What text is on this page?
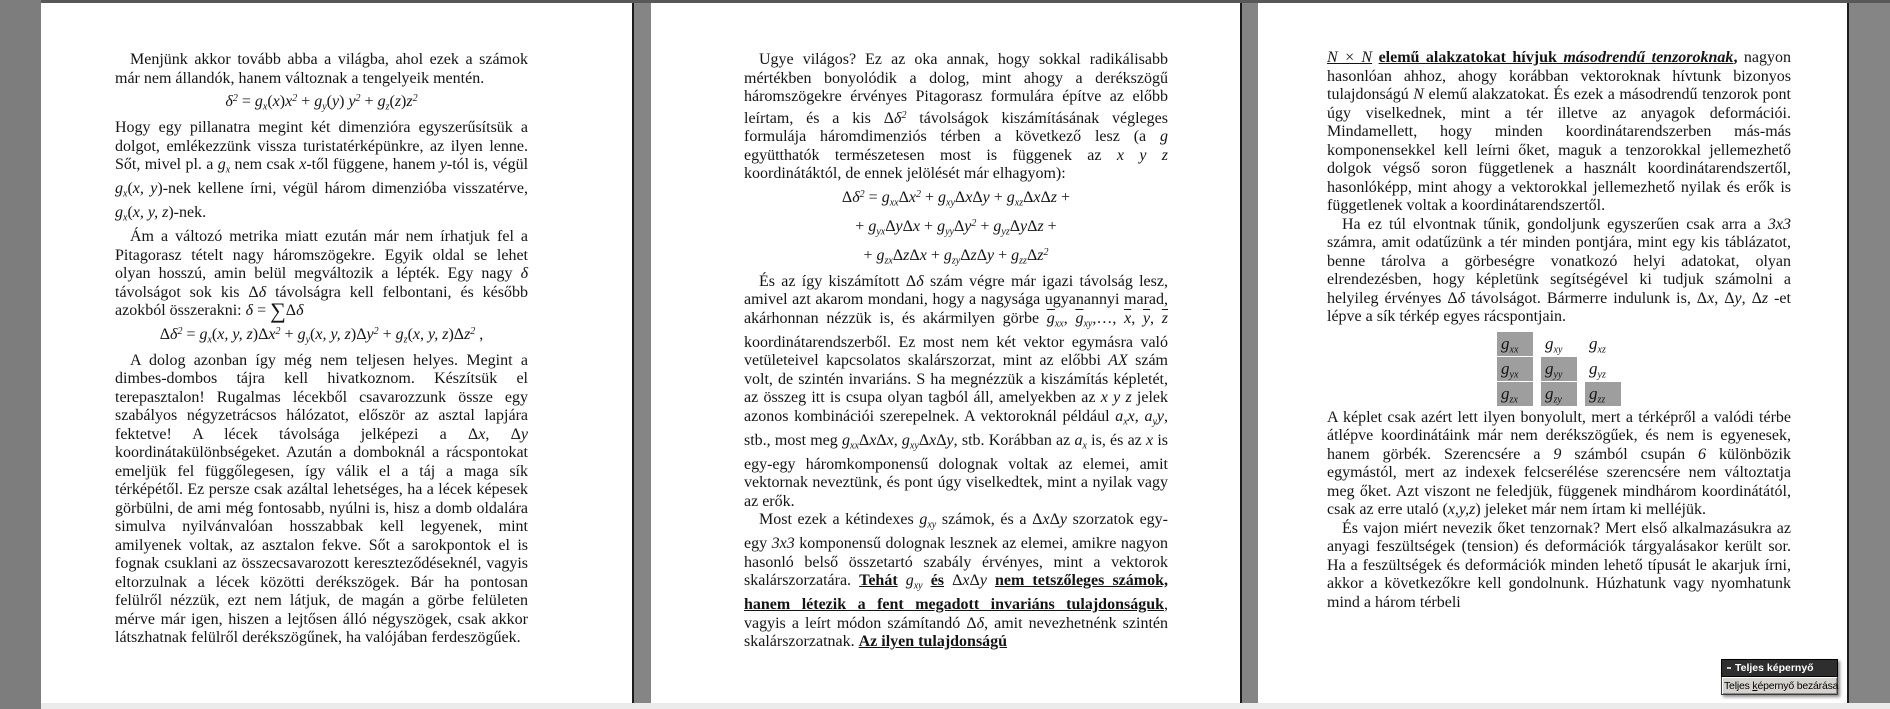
Menjünk akkor tovább abba a világba, ahol ezek a számok már nem állandók, hanem változnak a tengelyeik mentén.
$\delta^2 = g_x(x)x^2 + g_y(y) y^2 + g_z(z)z^2$
Hogy egy pillanatra megint két dimenzióra egyszerűsítsük a dolgot, emlékezzünk vissza turistatérképünkre, az ilyen lenne. Sőt, mivel pl. a $g_x$ nem csak x-től függene, hanem y-tól is, végül $g_x(x$, y)-nek kellene írni, végül három dimenzióba visszatérve, $g_x(x$, y, z)-nek.
Ám a változó metrika miatt ezután már nem írhatjuk fel a Pitagorasz tételt nagy háromszögekre. Egyik oldal se lehet olyan hosszú, amin belül megváltozik a lépték. Egy nagy δ távolságot sok kis Δδ távolságra kell felbontani, és később azokból összerakni: δ = ∑Δδ
$\Delta\delta^2 = g_x(x$, y, $z)\Delta x^2 + g_y(x$, y, $z)\Delta y^2 + g_z(x$, y, $z)\Delta z^2$ ,
A dolog azonban így még nem teljesen helyes. Megint a dimbes-dombos tájra kell hivatkoznom. Készítsük el terepasztalon! Rugalmas lécekből csavarozzunk össze egy szabályos négyzetrácsos hálózatot, először az asztal lapjára fektetve! A lécek távolsága jelképezi a Δx, Δy koordinátakülönbségeket. Azután a domboknál a rácspontokat emeljük fel függőlegesen, így válik el a táj a maga sík térképétől. Ez persze csak azáltal lehetséges, ha a lécek képesek görbülni, de ami még fontosabb, nyúlni is, hisz a domb oldalára simulva nyilvánvalóan hosszabbak kell legyenek, mint amilyenek voltak, az asztalon fekve. Sőt a sarokpontok el is fognak csuklani az összecsavarozott kereszteződéseknél, vagyis eltorzulnak a lécek közötti derékszögek. Bár ha pontosan felülről nézzük, ezt nem látjuk, de magán a görbe felületen mérve már igen, hiszen a lejtősen álló négyszögek, csak akkor látszhatnak felülről derékszögűnek, ha valójában ferdeszögűek.
Ugye világos? Ez az oka annak, hogy sokkal radikálisabb mértékben bonyolódik a dolog, mint ahogy a derékszögű háromszögekre érvényes Pitagorasz formulára építve az előbb leírtam, és a kis $\Delta\delta^2$ távolságok kiszámításának végleges formulája háromdimenziós térben a következő lesz (a g együtthatók természetesen most is függenek az x y z koordinátáktól, de ennek jelölését már elhagyom):
$\Delta\delta^2 = g_{xx}\Delta x^2 + g_{xy}\Delta x\Delta y + g_{xz}\Delta x\Delta z$ +
+ $g_{yx}\Delta y\Delta x + g_{yy}\Delta y^2 + g_{yz}\Delta y\Delta z$ +
+ $g_{zx}\Delta z\Delta x + g_{zy}\Delta z\Delta y + g_{zz}\Delta z^2$
És az így kiszámított Δδ szám végre már igazi távolság lesz, amivel azt akarom mondani, hogy a nagysága ugyanannyi marad, akárhonnan nézzük is, és akármilyen görbe $\overline{g}_{xx}$, $\overline{g}_{xy},\dots$, $\overline{x}$, $\overline{y}$, $\overline{z}$ koordinátarendszerből. Ez most nem két vektor egymásra való vetületeivel kapcsolatos skalárszorzat, mint az előbbi AX szám volt, de szintén invariáns. S ha megnézzük a kiszámítás képletét, az összeg itt is csupa olyan tagból áll, amelyekben az x y z jelek azonos kombinációi szerepelnek. A vektoroknál például $a_xx$, $a_yy$, stb., most meg $g_{xx}\Delta x\Delta x$, $g_{xy}\Delta x\Delta y$, stb. Korábban az $a_x$ is, és az x is egy-egy háromkomponensű dolognak voltak az elemei, amit vektornak neveztünk, és pont úgy viselkedtek, mint a nyilak vagy az erők.
Most ezek a kétindexes $g_{xy}$ számok, és a ΔxΔy szorzatok egy-egy 3x3 komponensű dolognak lesznek az elemei, amikre nagyon hasonló belső összetartó szabály érvényes, mint a vektorok skalárszorzatára. Tehát $g_{xy}$ és ΔxΔy nem tetszőleges számok, hanem létezik a fent megadott invariáns tulajdonságuk, vagyis a leírt módon számítandó Δδ, amit nevezhetnénk szintén skalárszorzatnak. Az ilyen tulajdonságú
N × N elemű alakzatokat hívjuk másodrendű tenzoroknak, nagyon hasonlóan ahhoz, ahogy korábban vektoroknak hívtunk bizonyos tulajdonságú N elemű alakzatokat. És ezek a másodrendű tenzorok pont úgy viselkednek, mint a tér illetve az anyagok deformációi. Mindamellett, hogy minden koordinátarendszerben más-más komponensekkel kell leírni őket, maguk a tenzorokkal jellemezhető dolgok végső soron függetlenek a használt koordinátarendszertől, hasonlóképp, mint ahogy a vektorokkal jellemezhető nyilak és erők is függetlenek voltak a koordinátarendszertől.
Ha ez túl elvontnak tűnik, gondoljunk egyszerűen csak arra a 3x3 számra, amit odatűzünk a tér minden pontjára, mint egy kis táblázatot, benne tárolva a görbeségre vonatkozó helyi adatokat, olyan elrendezésben, hogy képletünk segítségével ki tudjuk számolni a helyileg érvényes Δδ távolságot. Bármerre indulunk is, Δx, Δy, Δz -et lépve a sík térkép egyes rácspontjain.
$g_{xx}$	$g_{xy}$	$g_{xz}$
$g_{yx}$	$g_{yy}$	$g_{yz}$
$g_{zx}$	$g_{zy}$	$g_{zz}$
A képlet csak azért lett ilyen bonyolult, mert a térképről a valódi térbe átlépve koordinátáink már nem derékszögűek, és nem is egyenesek, hanem görbék. Szerencsére a 9 számból csupán 6 különbözik egymástól, mert az indexek felcserélése szerencsére nem változtatja meg őket. Azt viszont ne feledjük, függenek mindhárom koordinátától, csak az erre utaló (x,y,z) jeleket már nem írtam ki melléjük.
És vajon miért nevezik őket tenzornak? Mert első alkalmazásukra az anyagi feszültségek (tension) és deformációk tárgyalásakor került sor. Ha a feszültségek és deformációk minden lehető típusát le akarjuk írni, akkor a következőkre kell gondolnunk. Húzhatunk vagy nyomhatunk mind a három térbeli
Teljes képernyő
Teljes képernyő bezárása
